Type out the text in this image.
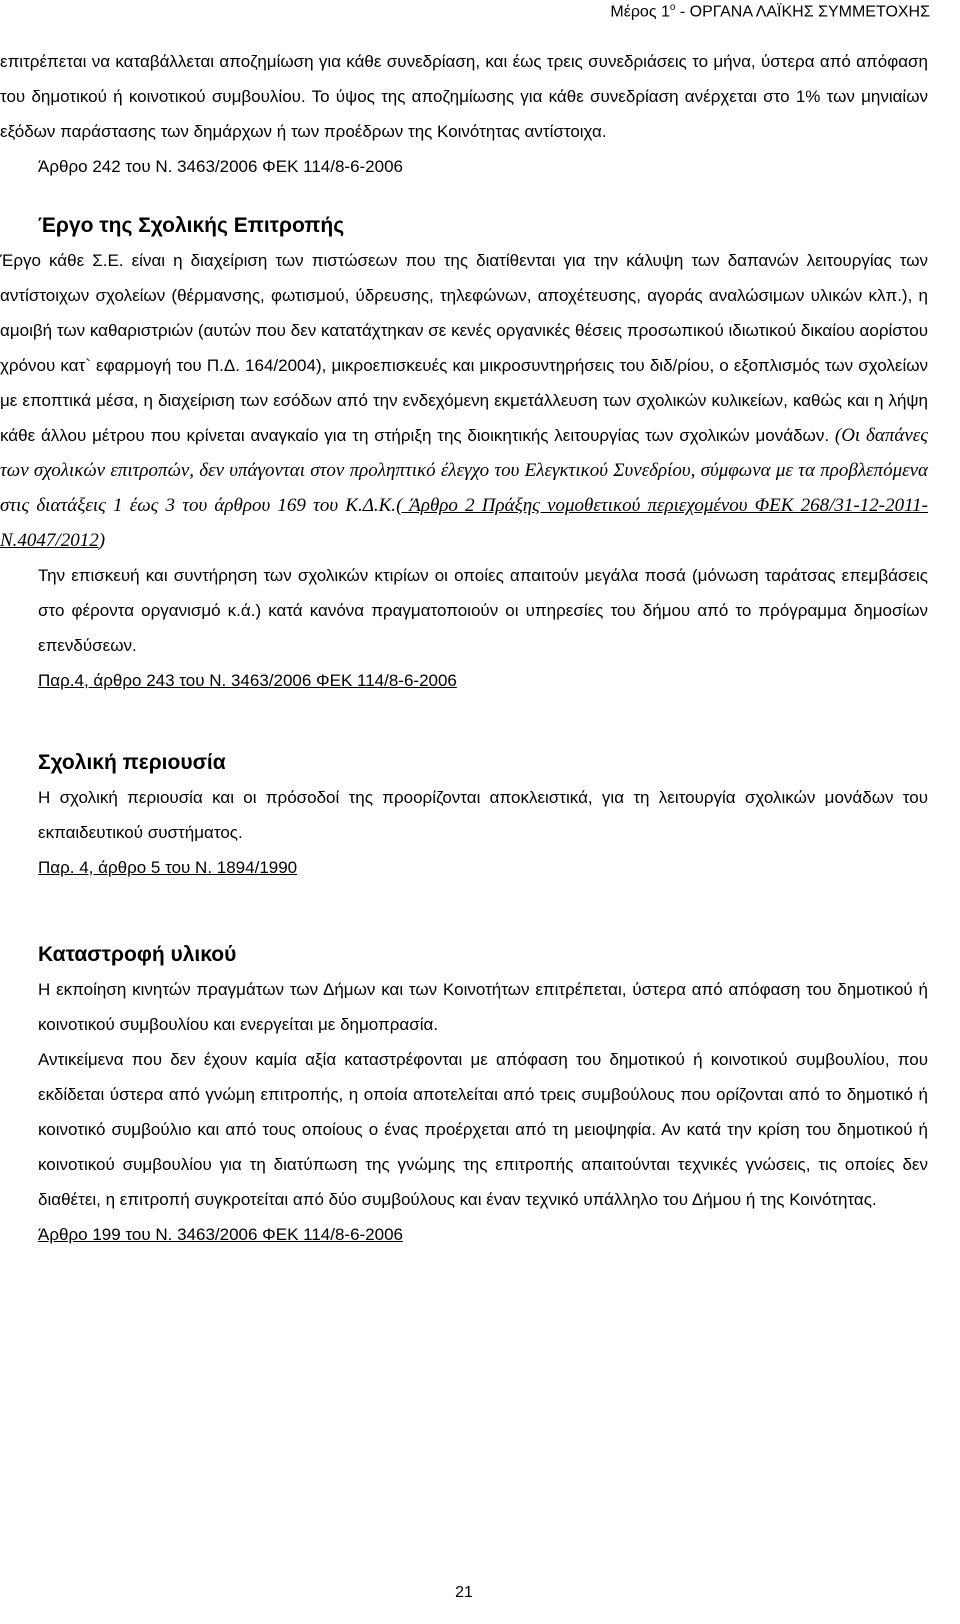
Μέρος $1^o$ - ΟΡΓΑΝΑ ΛΑΪΚΗΣ ΣΥΜΜΕΤΟΧΗΣ

επιτρέπεται να καταβάλλεται αποζημίωση για κάθε συνεδρίαση, και έως τρεις συνεδριάσεις το μήνα, ύστερα από απόφαση του δημοτικού ή κοινοτικού συμβουλίου. Το ύψος της αποζημίωσης για κάθε συνεδρίαση ανέρχεται στο 1% των μηνιαίων εξόδων παράστασης των δημάρχων ή των προέδρων της Κοινότητας αντίστοιχα.

Άρθρο 242 του Ν. 3463/2006 ΦΕΚ 114/8-6-2006

Έργο της Σχολικής Επιτροπής

Έργο κάθε Σ.Ε. είναι η διαχείριση των πιστώσεων που της διατίθενται για την κάλυψη των δαπανών λειτουργίας των αντίστοιχων σχολείων (θέρμανσης, φωτισμού, ύδρευσης, τηλεφώνων, αποχέτευσης, αγοράς αναλώσιμων υλικών κλπ.), η αμοιβή των καθαριστριών (αυτών που δεν κατατάχτηκαν σε κενές οργανικές θέσεις προσωπικού ιδιωτικού δικαίου αορίστου χρόνου κατ` εφαρμογή του Π.Δ. 164/2004), μικροεπισκευές και μικροσυντηρήσεις του διδ/ρίου, ο εξοπλισμός των σχολείων με εποπτικά μέσα, η διαχείριση των εσόδων από την ενδεχόμενη εκμετάλλευση των σχολικών κυλικείων, καθώς και η λήψη κάθε άλλου μέτρου που κρίνεται αναγκαίο για τη στήριξη της διοικητικής λειτουργίας των σχολικών μονάδων. (Οι δαπάνες των σχολικών επιτροπών, δεν υπάγονται στον προληπτικό έλεγχο του Ελεγκτικού Συνεδρίου, σύμφωνα με τα προβλεπόμενα στις διατάξεις 1 έως 3 του άρθρου 169 του Κ.Δ.Κ.( Άρθρο 2 Πράξης νομοθετικού περιεχομένου ΦΕΚ 268/31-12-2011- Ν.4047/2012)

Την επισκευή και συντήρηση των σχολικών κτιρίων οι οποίες απαιτούν μεγάλα ποσά (μόνωση ταράτσας επεμβάσεις στο φέροντα οργανισμό κ.ά.) κατά κανόνα πραγματοποιούν οι υπηρεσίες του δήμου από το πρόγραμμα δημοσίων επενδύσεων.

Παρ.4, άρθρο 243 του Ν. 3463/2006 ΦΕΚ 114/8-6-2006

Σχολική περιουσία

Η σχολική περιουσία και οι πρόσοδοί της προορίζονται αποκλειστικά, για τη λειτουργία σχολικών μονάδων του εκπαιδευτικού συστήματος.

Παρ. 4, άρθρο 5 του Ν. 1894/1990

Καταστροφή υλικού

Η εκποίηση κινητών πραγμάτων των Δήμων και των Κοινοτήτων επιτρέπεται, ύστερα από απόφαση του δημοτικού ή κοινοτικού συμβουλίου και ενεργείται με δημοπρασία.

Αντικείμενα που δεν έχουν καμία αξία καταστρέφονται με απόφαση του δημοτικού ή κοινοτικού συμβουλίου, που εκδίδεται ύστερα από γνώμη επιτροπής, η οποία αποτελείται από τρεις συμβούλους που ορίζονται από το δημοτικό ή κοινοτικό συμβούλιο και από τους οποίους ο ένας προέρχεται από τη μειοψηφία. Αν κατά την κρίση του δημοτικού ή κοινοτικού συμβουλίου για τη διατύπωση της γνώμης της επιτροπής απαιτούνται τεχνικές γνώσεις, τις οποίες δεν διαθέτει, η επιτροπή συγκροτείται από δύο συμβούλους και έναν τεχνικό υπάλληλο του Δήμου ή της Κοινότητας.

Άρθρο 199 του Ν. 3463/2006 ΦΕΚ 114/8-6-2006

21
